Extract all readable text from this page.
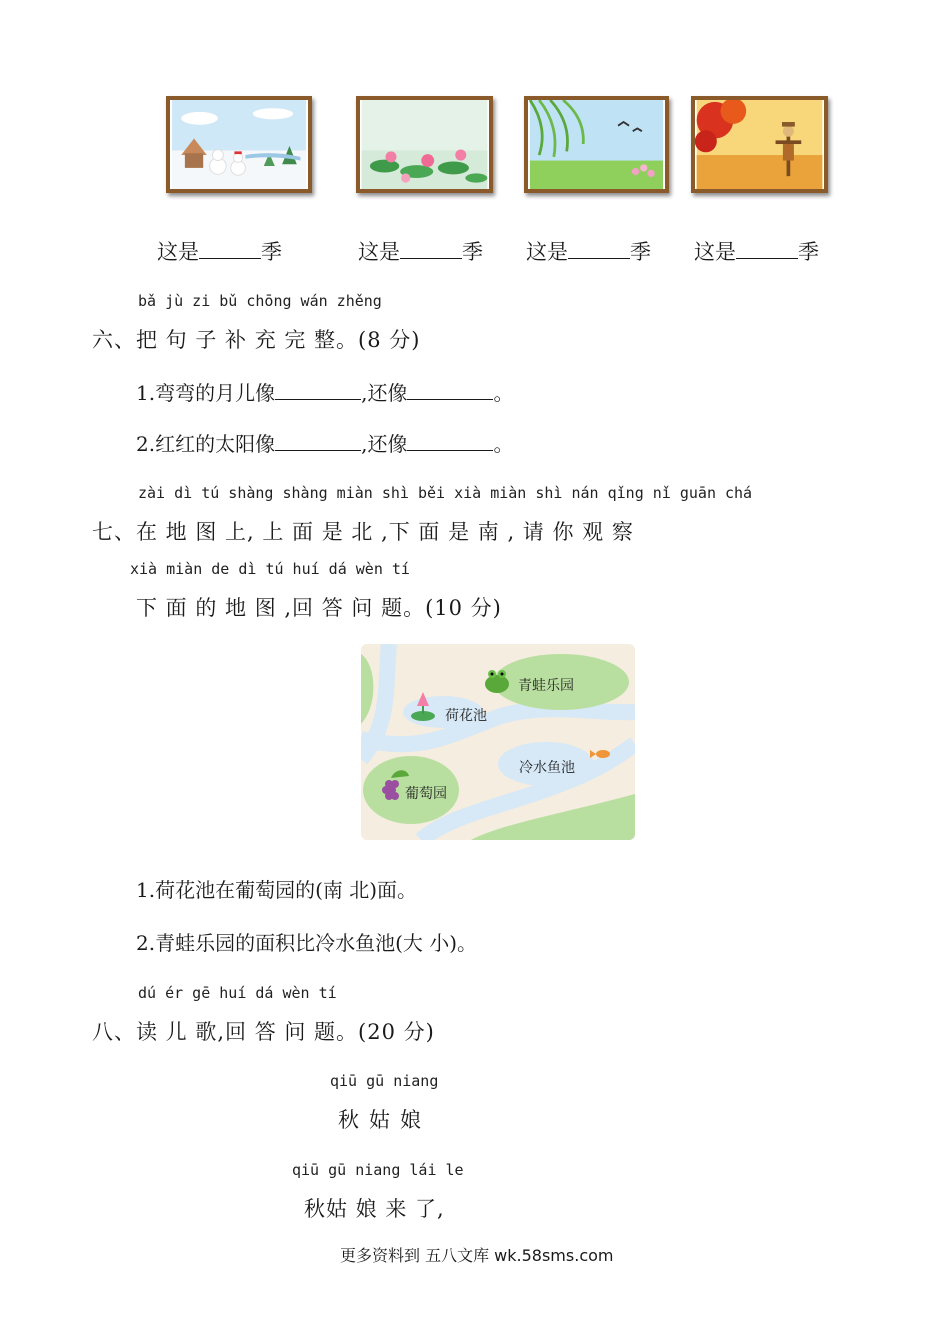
这是	季	这是	季 这是	季 这是	季
bǎ jù zi bǔ chōng wán zhěng
六、把 句 子 补 充 完 整。(8 分)
1.弯弯的月儿像	,还像	。
2.红红的太阳像	,还像	。
zài dì tú shàng shàng miàn shì běi xià miàn shì nán qǐng nǐ guān chá
七、在 地 图 上, 上 面 是 北 ,下 面 是 南 , 请 你 观 察
xià miàn de dì tú huí dá wèn tí
下 面 的 地 图 ,回 答 问 题。(10 分)
青蛙乐园
荷花池
冷水鱼池
葡萄园
1.荷花池在葡萄园的(南 北)面。
2.青蛙乐园的面积比冷水鱼池(大 小)。
dú ér gē huí dá wèn tí
八、读 儿 歌,回 答 问 题。(20 分)
qiū gū niang
秋姑娘
qiū gū niang lái le
秋姑 娘 来 了,
更多资料到 五八文库 wk.58sms.com
